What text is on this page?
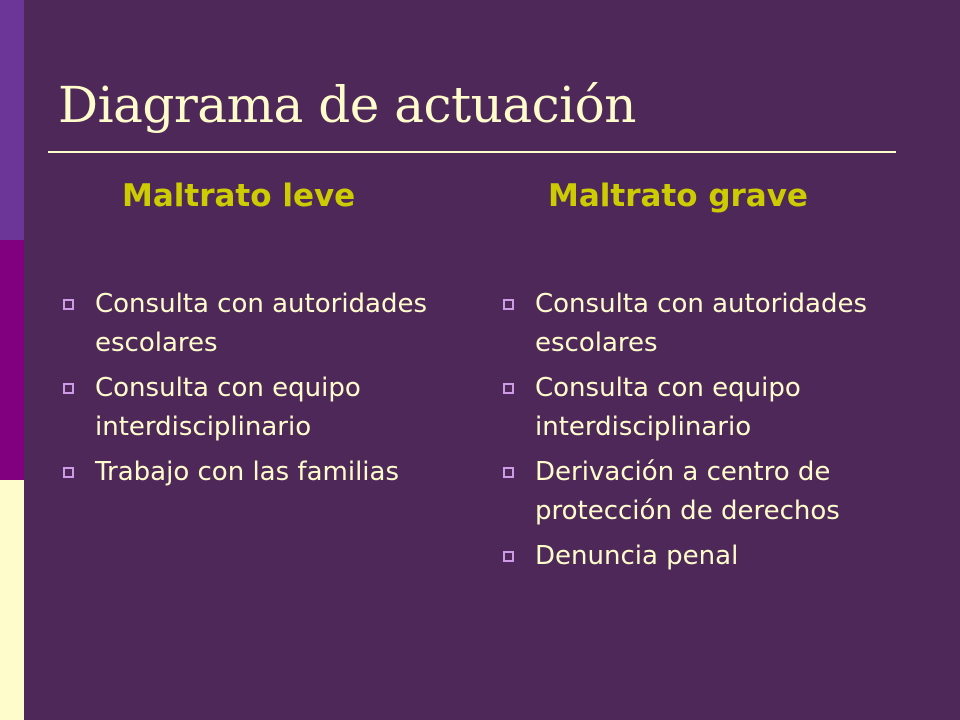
Diagrama de actuación
Maltrato leve	Maltrato grave
Consulta con autoridades escolares
Consulta con equipo interdisciplinario
Trabajo con las familias
Consulta con autoridades escolares
Consulta con equipo interdisciplinario
Derivación a centro de protección de derechos
Denuncia penal
